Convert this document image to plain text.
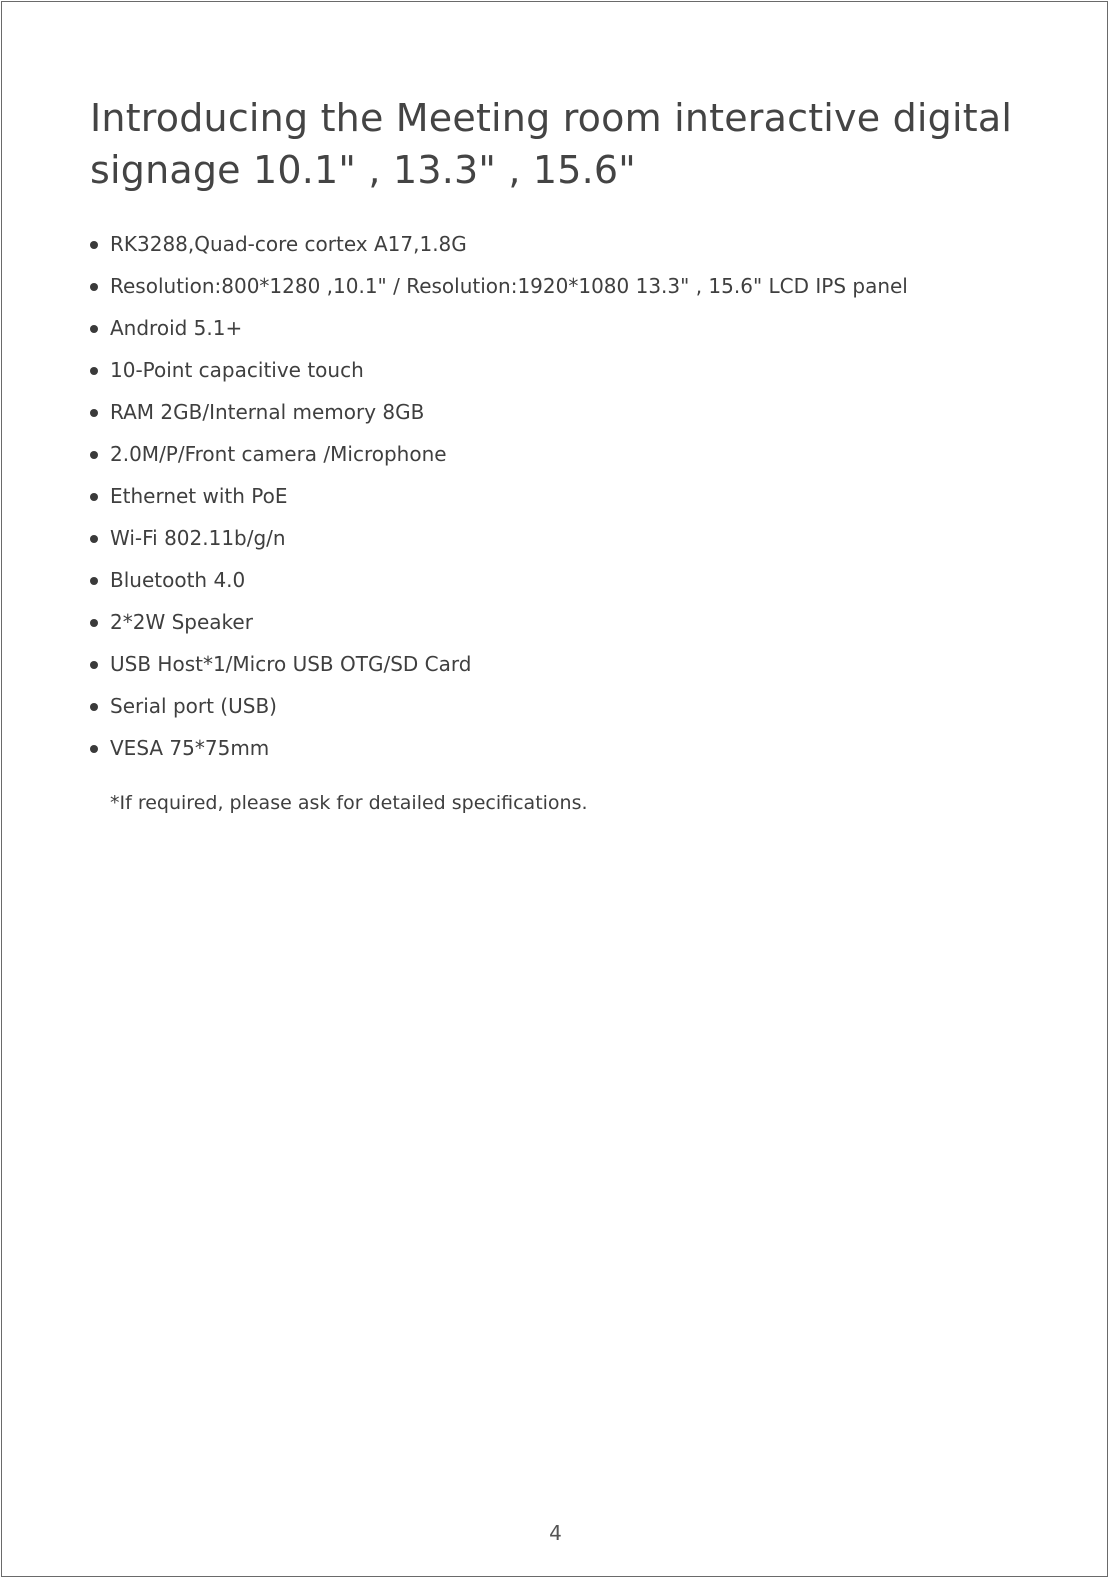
Introducing the Meeting room interactive digital
signage 10.1" , 13.3" , 15.6"
RK3288,Quad-core cortex A17,1.8G
Resolution:800*1280 ,10.1" / Resolution:1920*1080 13.3" , 15.6" LCD IPS panel
Android 5.1+
10-Point capacitive touch
RAM 2GB/Internal memory 8GB
2.0M/P/Front camera /Microphone
Ethernet with PoE
Wi-Fi 802.11b/g/n
Bluetooth 4.0
2*2W Speaker
USB Host*1/Micro USB OTG/SD Card
Serial port (USB)
VESA 75*75mm
*If required, please ask for detailed specifications.
4
